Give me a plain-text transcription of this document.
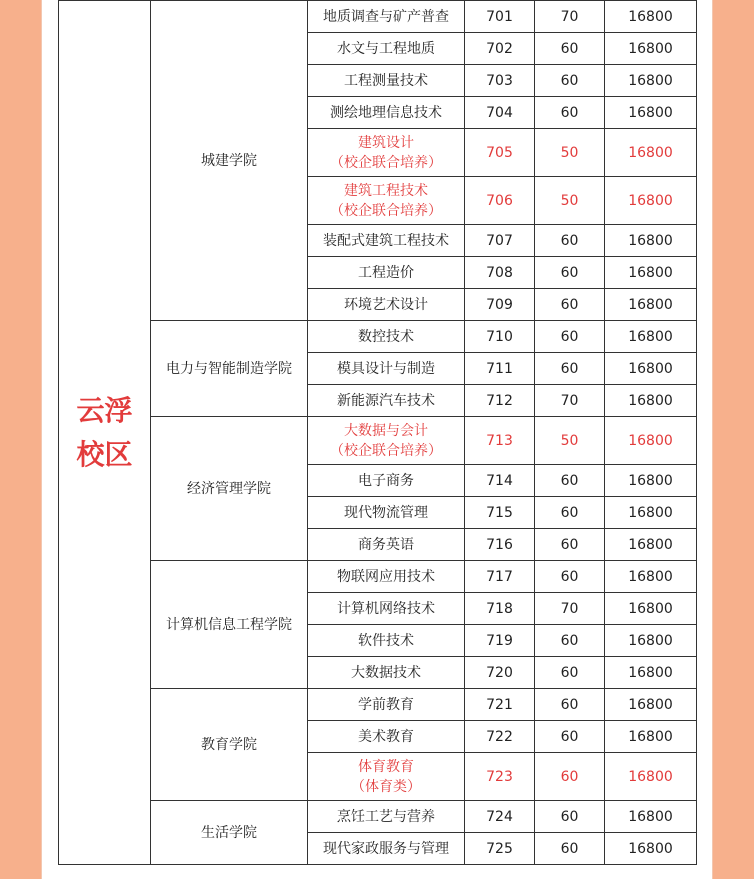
云浮
校区	城建学院	地质调查与矿产普查	701	70	16800

		水文与工程地质	702	60	16800

		工程测量技术	703	60	16800

		测绘地理信息技术	704	60	16800

		建筑设计
（校企联合培养）	705	50	16800

		建筑工程技术
（校企联合培养）	706	50	16800

		装配式建筑工程技术	707	60	16800

		工程造价	708	60	16800

		环境艺术设计	709	60	16800
	电力与智能制造学院	数控技术	710	60	16800

		模具设计与制造	711	60	16800

		新能源汽车技术	712	70	16800
	经济管理学院	大数据与会计
（校企联合培养）	713	50	16800

		电子商务	714	60	16800

		现代物流管理	715	60	16800

		商务英语	716	60	16800
	计算机信息工程学院	物联网应用技术	717	60	16800

		计算机网络技术	718	70	16800

		软件技术	719	60	16800

		大数据技术	720	60	16800
	教育学院	学前教育	721	60	16800

		美术教育	722	60	16800

		体育教育
（体育类）	723	60	16800
	生活学院	烹饪工艺与营养	724	60	16800

		现代家政服务与管理	725	60	16800
